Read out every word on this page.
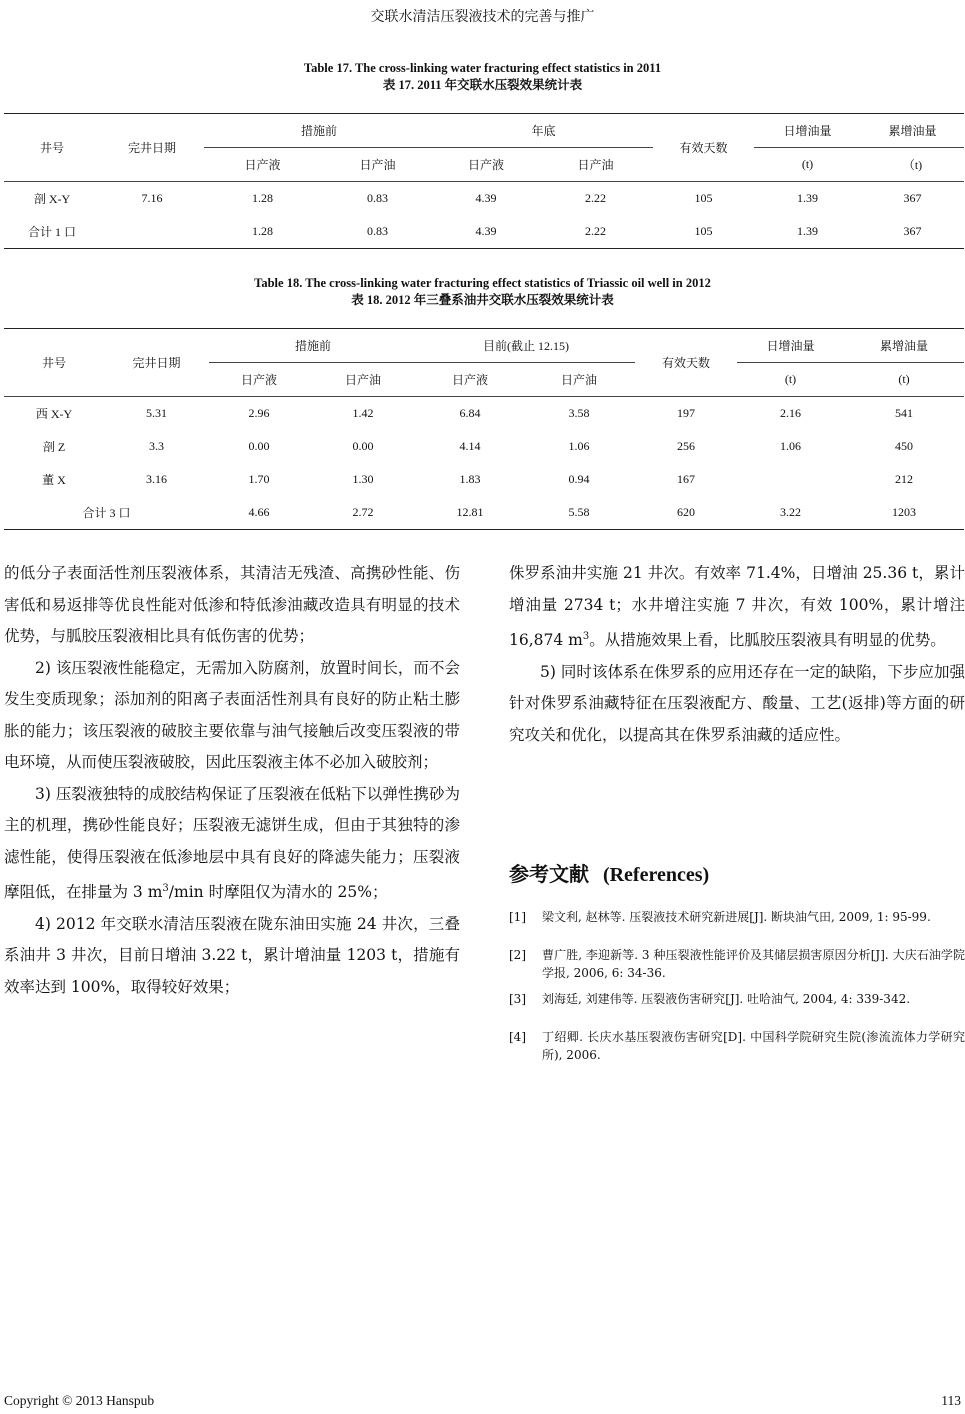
交联水清洁压裂液技术的完善与推广
Table 17. The cross-linking water fracturing effect statistics in 2011
表 17. 2011 年交联水压裂效果统计表
井号	完井日期	措施前		年底		有效天数	日增油量	累增油量
		日产液	日产油	日产液	日产油		(t)	（t)
剖 X-Y	7.16	1.28	0.83	4.39	2.22	105	1.39	367
合计 1 口		1.28	0.83	4.39	2.22	105	1.39	367
Table 18. The cross-linking water fracturing effect statistics of Triassic oil well in 2012
表 18. 2012 年三叠系油井交联水压裂效果统计表
井号	完井日期	措施前		目前(截止 12.15)		有效天数	日增油量	累增油量
		日产液	日产油	日产液	日产油		(t)	(t)
西 X-Y	5.31	2.96	1.42	6.84	3.58	197	2.16	541
剖 Z	3.3	0.00	0.00	4.14	1.06	256	1.06	450
董 X	3.16	1.70	1.30	1.83	0.94	167		212
合计 3 口		4.66	2.72	12.81	5.58	620	3.22	1203

的低分子表面活性剂压裂液体系，其清洁无残渣、高携砂性能、伤害低和易返排等优良性能对低渗和特低渗油藏改造具有明显的技术优势，与胍胶压裂液相比具有低伤害的优势；

2) 该压裂液性能稳定，无需加入防腐剂，放置时间长，而不会发生变质现象；添加剂的阳离子表面活性剂具有良好的防止粘土膨胀的能力；该压裂液的破胶主要依靠与油气接触后改变压裂液的带电环境，从而使压裂液破胶，因此压裂液主体不必加入破胶剂；

3) 压裂液独特的成胶结构保证了压裂液在低粘下以弹性携砂为主的机理，携砂性能良好；压裂液无滤饼生成，但由于其独特的渗滤性能，使得压裂液在低渗地层中具有良好的降滤失能力；压裂液摩阻低，在排量为 3 $m^3/\min$ 时摩阻仅为清水的 25%；

4) 2012 年交联水清洁压裂液在陇东油田实施 24 井次，三叠系油井 3 井次，目前日增油 3.22 t，累计增油量 1203 t，措施有效率达到 100%，取得较好效果；

侏罗系油井实施 21 井次。有效率 71.4%，日增油 25.36 t，累计增油量 2734 t；水井增注实施 7 井次，有效 100%，累计增注 16,874 $m^3$。从措施效果上看，比胍胶压裂液具有明显的优势。

5) 同时该体系在侏罗系的应用还存在一定的缺陷，下步应加强针对侏罗系油藏特征在压裂液配方、酸量、工艺(返排)等方面的研究攻关和优化，以提高其在侏罗系油藏的适应性。

参考文献 (References)
[1] 梁文利, 赵林等. 压裂液技术研究新进展[J]. 断块油气田, 2009, 1: 95-99.
[2] 曹广胜, 李迎新等. 3 种压裂液性能评价及其储层损害原因分析[J]. 大庆石油学院学报, 2006, 6: 34-36.
[3] 刘海廷, 刘建伟等. 压裂液伤害研究[J]. 吐哈油气, 2004, 4: 339-342.
[4] 丁绍卿. 长庆水基压裂液伤害研究[D]. 中国科学院研究生院(渗流流体力学研究所), 2006.
Copyright © 2013 Hanspub	113
